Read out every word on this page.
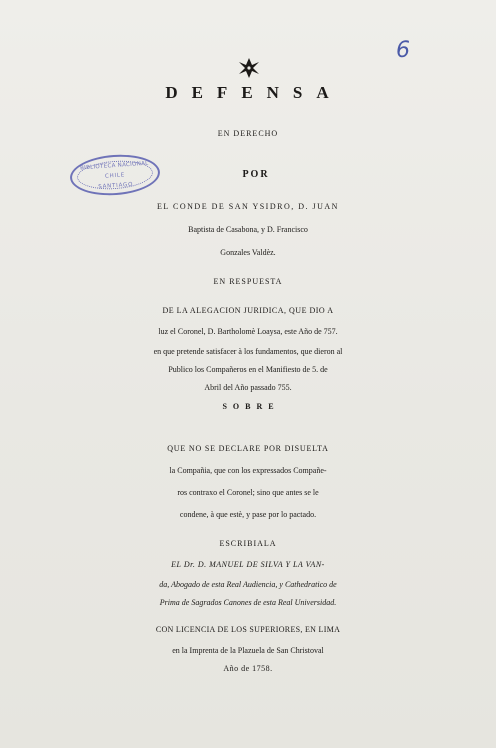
6
DEFENSA
EN DERECHO
POR
BIBLIOTECA NACIONAL
CHILE
SANTIAGO
EL CONDE DE SAN YSIDRO, D. JUAN
Baptista de Casabona, y D. Francisco
Gonzales Valdèz.
EN RESPUESTA
DE LA ALEGACION JURIDICA, QUE DIO A
luz el Coronel, D. Bartholomè Loaysa, este Año de 757.
en que pretende satisfacer à los fundamentos, que dieron al
Publico los Compañeros en el Manifiesto de 5. de
Abril del Año passado 755.
SOBRE
QUE NO SE DECLARE POR DISUELTA
la Compañia, que con los expressados Compañe-
ros contraxo el Coronel; sino que antes se le
condene, à que estè, y pase por lo pactado.
ESCRIBIALA
EL Dr. D. MANUEL DE SILVA Y LA VAN-
da, Abogado de esta Real Audiencia, y Cathedratico de
Prima de Sagrados Canones de esta Real Universidad.
CON LICENCIA DE LOS SUPERIORES, EN LIMA
en la Imprenta de la Plazuela de San Christoval
Año de 1758.
